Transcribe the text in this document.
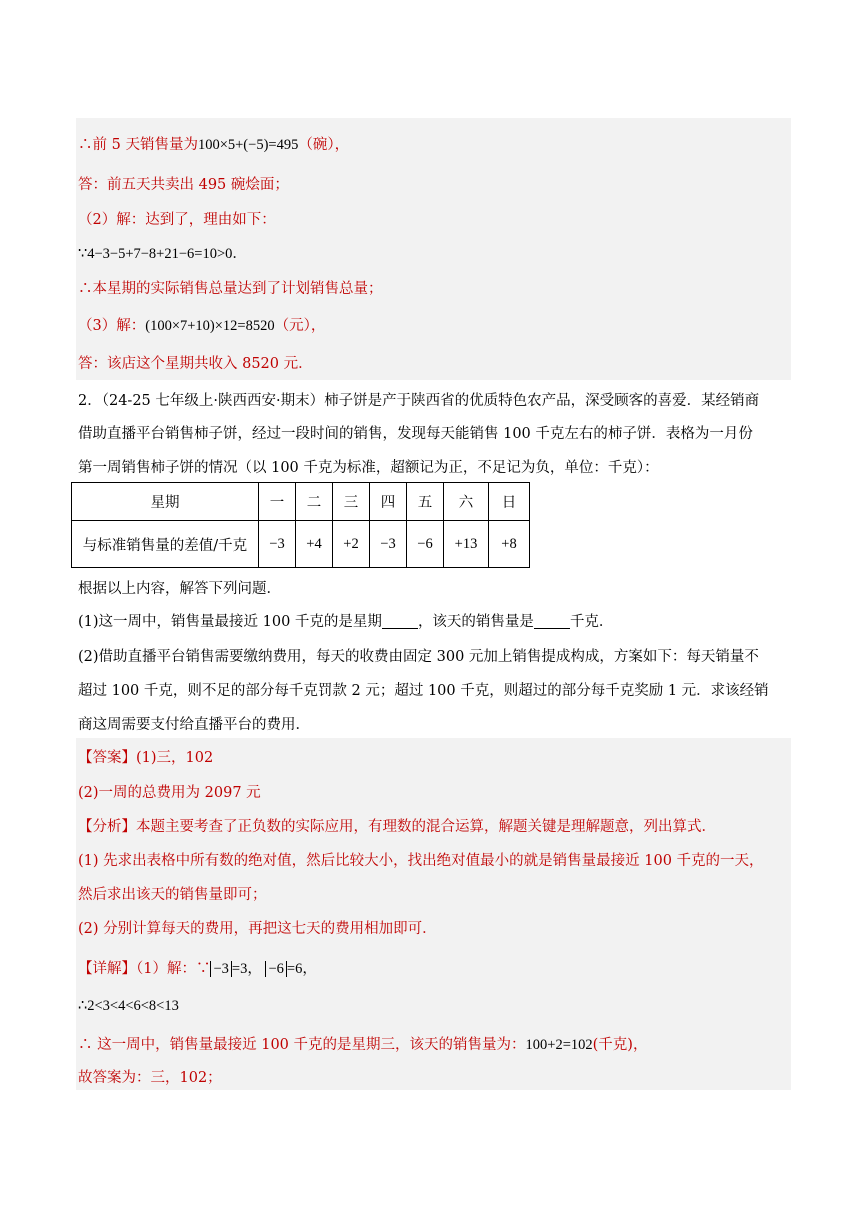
∴前 5 天销售量为100×5+(−5)=495（碗），
答：前五天共卖出 495 碗烩面；
（2）解：达到了，理由如下：
∵4−3−5+7−8+21−6=10>0．
∴本星期的实际销售总量达到了计划销售总量；
（3）解：(100×7+10)×12=8520（元），
答：该店这个星期共收入 8520 元．
2．（24-25 七年级上·陕西西安·期末）柿子饼是产于陕西省的优质特色农产品，深受顾客的喜爱．某经销商
借助直播平台销售柿子饼，经过一段时间的销售，发现每天能销售 100 千克左右的柿子饼．表格为一月份
第一周销售柿子饼的情况（以 100 千克为标准，超额记为正，不足记为负，单位：千克）：
星期	一	二	三	四	五	六	日
与标准销售量的差值/千克	−3	+4	+2	−3	−6	+13	+8
根据以上内容，解答下列问题．
(1)这一周中，销售量最接近 100 千克的是星期 ，该天的销售量是 千克．
(2)借助直播平台销售需要缴纳费用，每天的收费由固定 300 元加上销售提成构成，方案如下：每天销量不
超过 100 千克，则不足的部分每千克罚款 2 元；超过 100 千克，则超过的部分每千克奖励 1 元．求该经销
商这周需要支付给直播平台的费用．
【答案】(1)三，102
(2)一周的总费用为 2097 元
【分析】本题主要考查了正负数的实际应用，有理数的混合运算，解题关键是理解题意，列出算式．
(1) 先求出表格中所有数的绝对值，然后比较大小，找出绝对值最小的就是销售量最接近 100 千克的一天，
然后求出该天的销售量即可；
(2) 分别计算每天的费用，再把这七天的费用相加即可．
【详解】（1）解：∵ −3 =3， −6 =6，
∴2<3<4<6<8<13
∴ 这一周中，销售量最接近 100 千克的是星期三，该天的销售量为：100+2=102(千克)，
故答案为：三，102；
